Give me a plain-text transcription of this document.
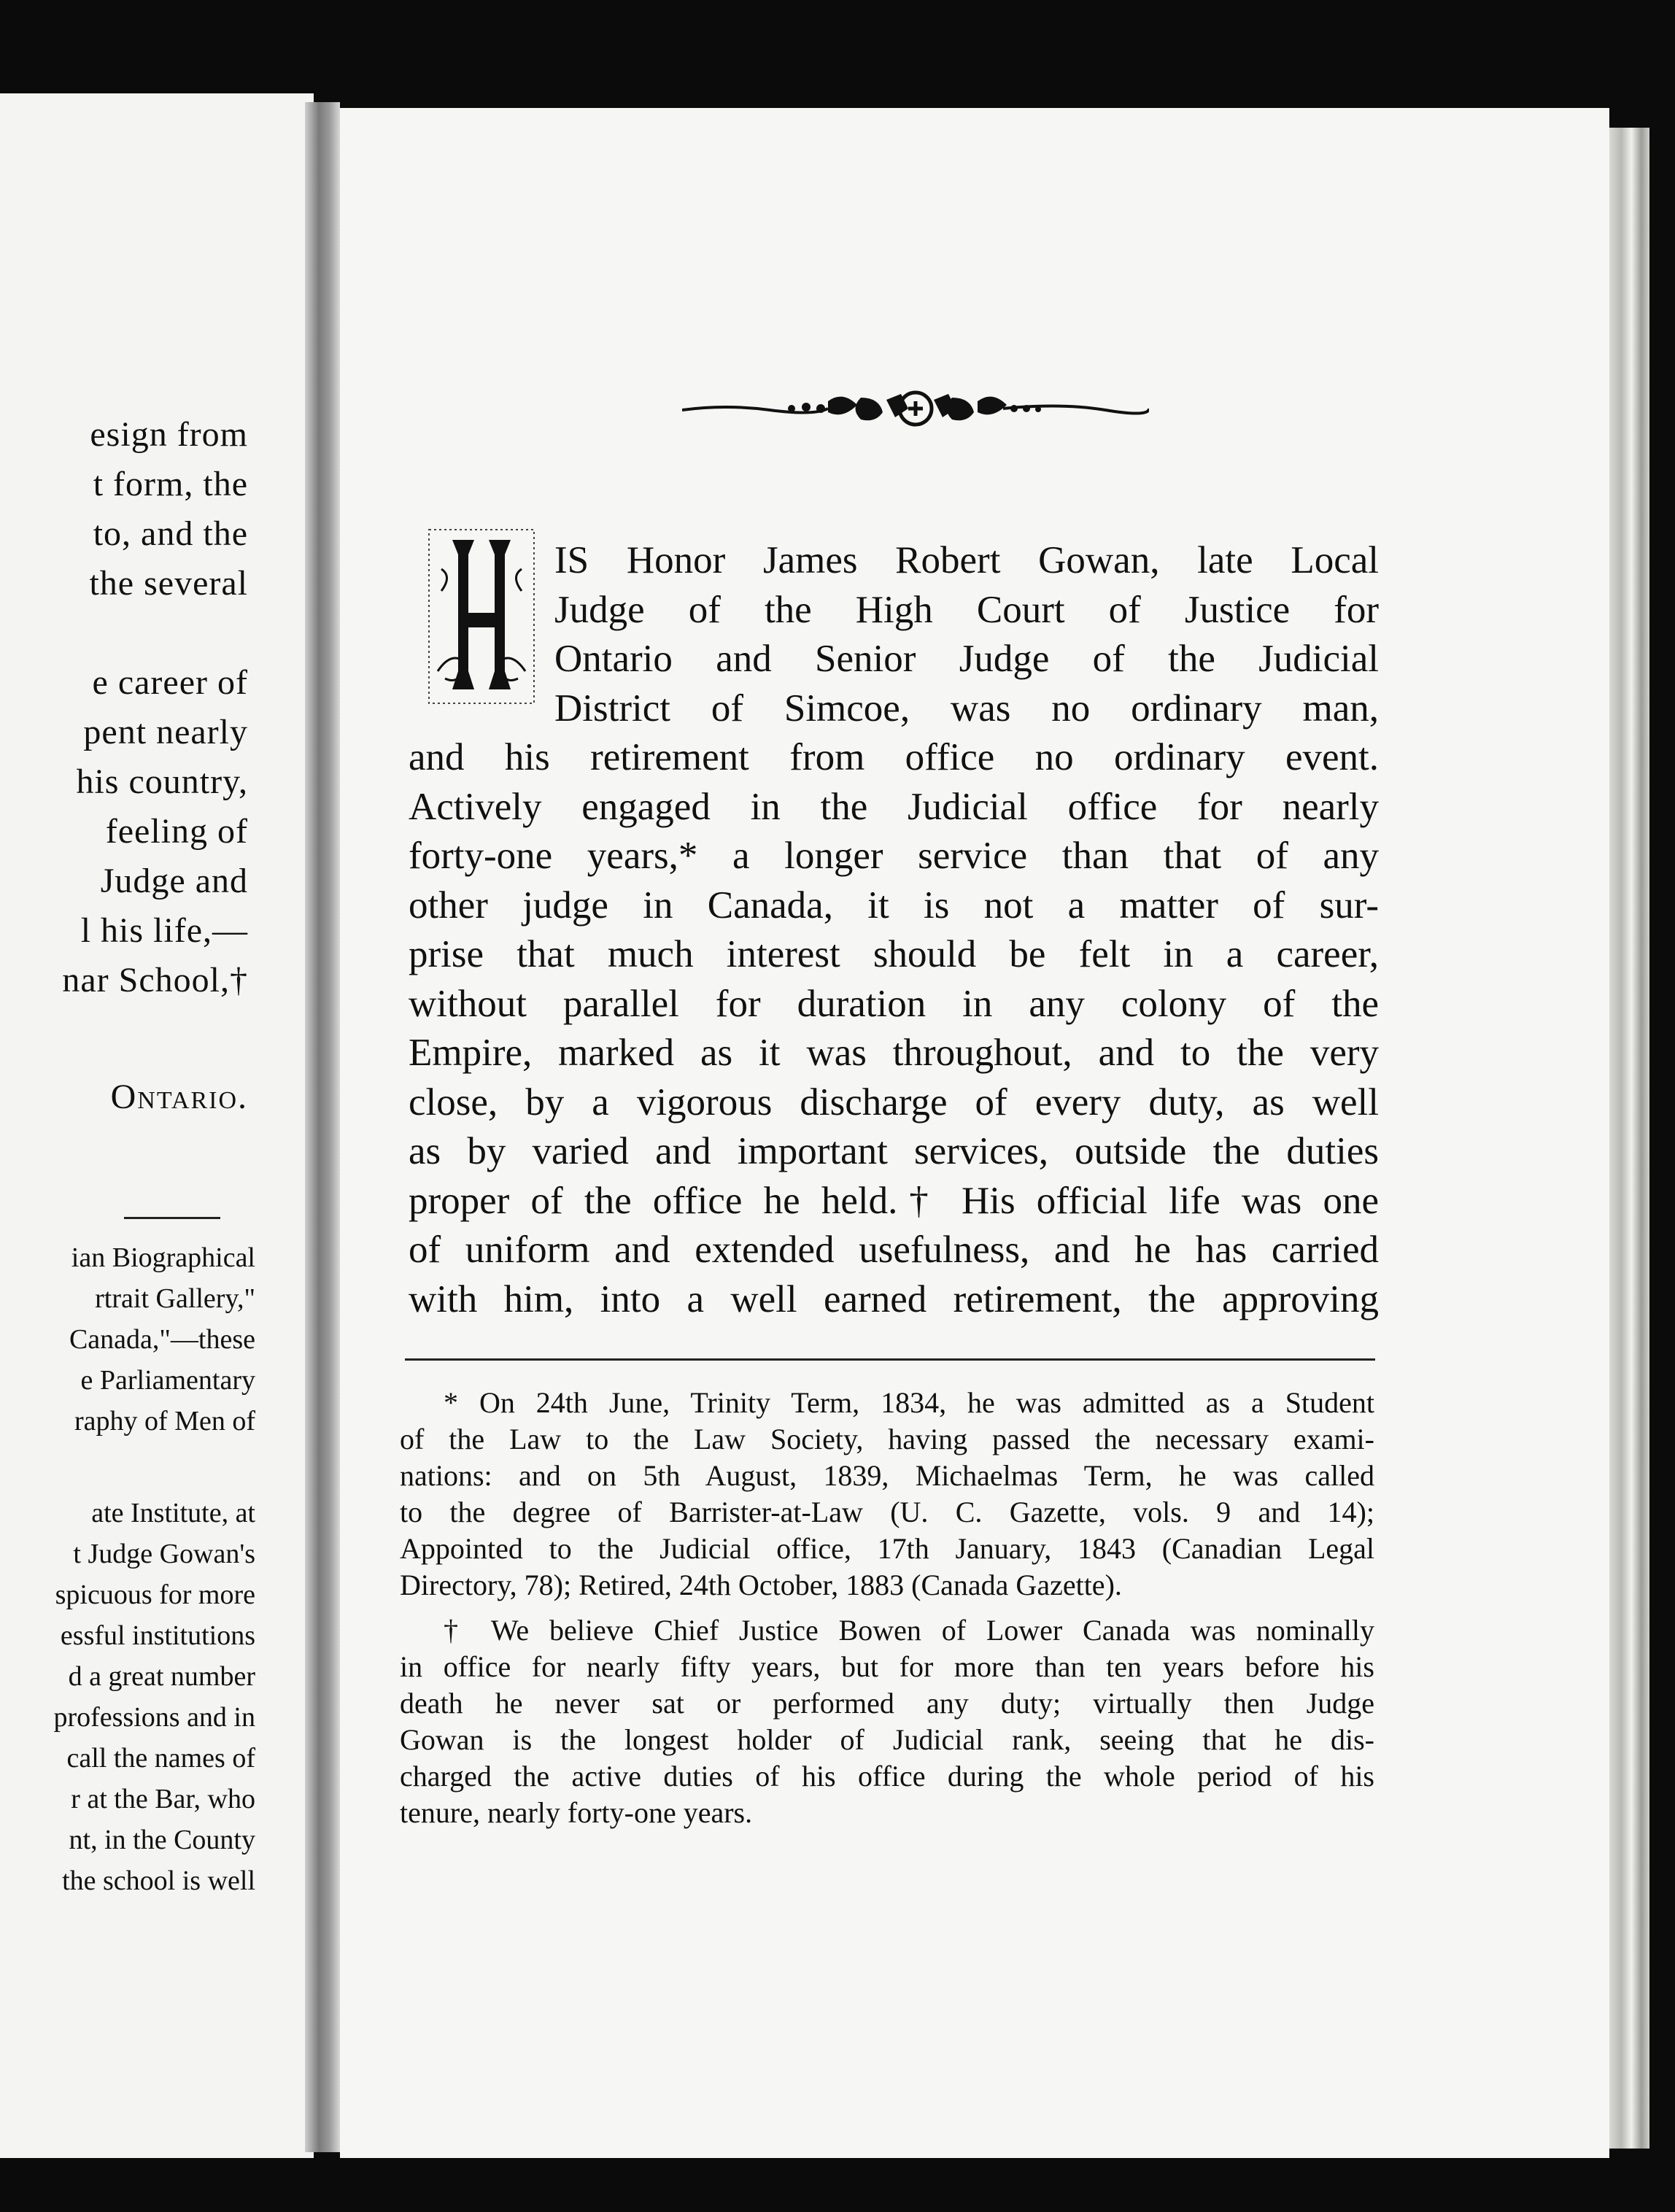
esign from
t form, the
to, and the
the several
e career of
pent nearly
his country,
feeling of
Judge and
l his life,—
nar School,†
Ontario.
ian Biographical
rtrait Gallery,"
Canada,"—these
e Parliamentary
raphy of Men of
ate Institute, at
t Judge Gowan's
spicuous for more
essful institutions
d a great number
professions and in
call the names of
r at the Bar, who
nt, in the County
the school is well
IS Honor James Robert Gowan, late Local
Judge of the High Court of Justice for
Ontario and Senior Judge of the Judicial
District of Simcoe, was no ordinary man,
and his retirement from office no ordinary event.
Actively engaged in the Judicial office for nearly
forty-one years,* a longer service than that of any
other judge in Canada, it is not a matter of sur-
prise that much interest should be felt in a career,
without parallel for duration in any colony of the
Empire, marked as it was throughout, and to the very
close, by a vigorous discharge of every duty, as well
as by varied and important services, outside the duties
proper of the office he held.† His official life was one
of uniform and extended usefulness, and he has carried
with him, into a well earned retirement, the approving
* On 24th June, Trinity Term, 1834, he was admitted as a Student
of the Law to the Law Society, having passed the necessary exami-
nations: and on 5th August, 1839, Michaelmas Term, he was called
to the degree of Barrister-at-Law (U. C. Gazette, vols. 9 and 14);
Appointed to the Judicial office, 17th January, 1843 (Canadian Legal
Directory, 78); Retired, 24th October, 1883 (Canada Gazette).
† We believe Chief Justice Bowen of Lower Canada was nominally
in office for nearly fifty years, but for more than ten years before his
death he never sat or performed any duty; virtually then Judge
Gowan is the longest holder of Judicial rank, seeing that he dis-
charged the active duties of his office during the whole period of his
tenure, nearly forty-one years.
